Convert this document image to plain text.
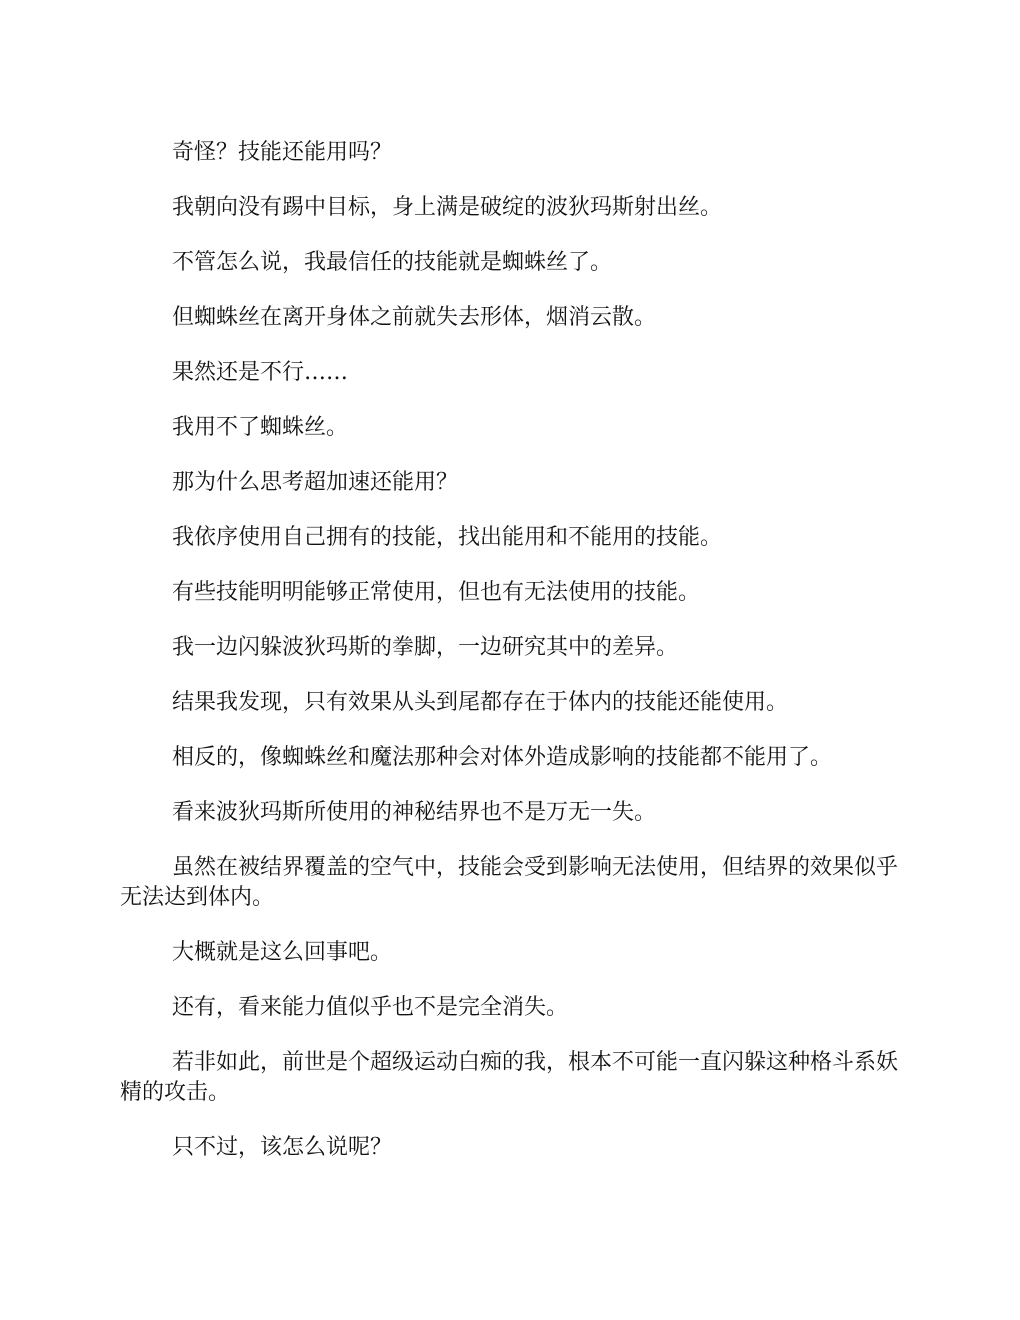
奇怪？技能还能用吗？

我朝向没有踢中目标，身上满是破绽的波狄玛斯射出丝。

不管怎么说，我最信任的技能就是蜘蛛丝了。

但蜘蛛丝在离开身体之前就失去形体，烟消云散。

果然还是不行……

我用不了蜘蛛丝。

那为什么思考超加速还能用？

我依序使用自己拥有的技能，找出能用和不能用的技能。

有些技能明明能够正常使用，但也有无法使用的技能。

我一边闪躲波狄玛斯的拳脚，一边研究其中的差异。

结果我发现，只有效果从头到尾都存在于体内的技能还能使用。

相反的，像蜘蛛丝和魔法那种会对体外造成影响的技能都不能用了。

看来波狄玛斯所使用的神秘结界也不是万无一失。

虽然在被结界覆盖的空气中，技能会受到影响无法使用，但结界的效果似乎无法达到体内。

大概就是这么回事吧。

还有，看来能力值似乎也不是完全消失。

若非如此，前世是个超级运动白痴的我，根本不可能一直闪躲这种格斗系妖精的攻击。

只不过，该怎么说呢？
